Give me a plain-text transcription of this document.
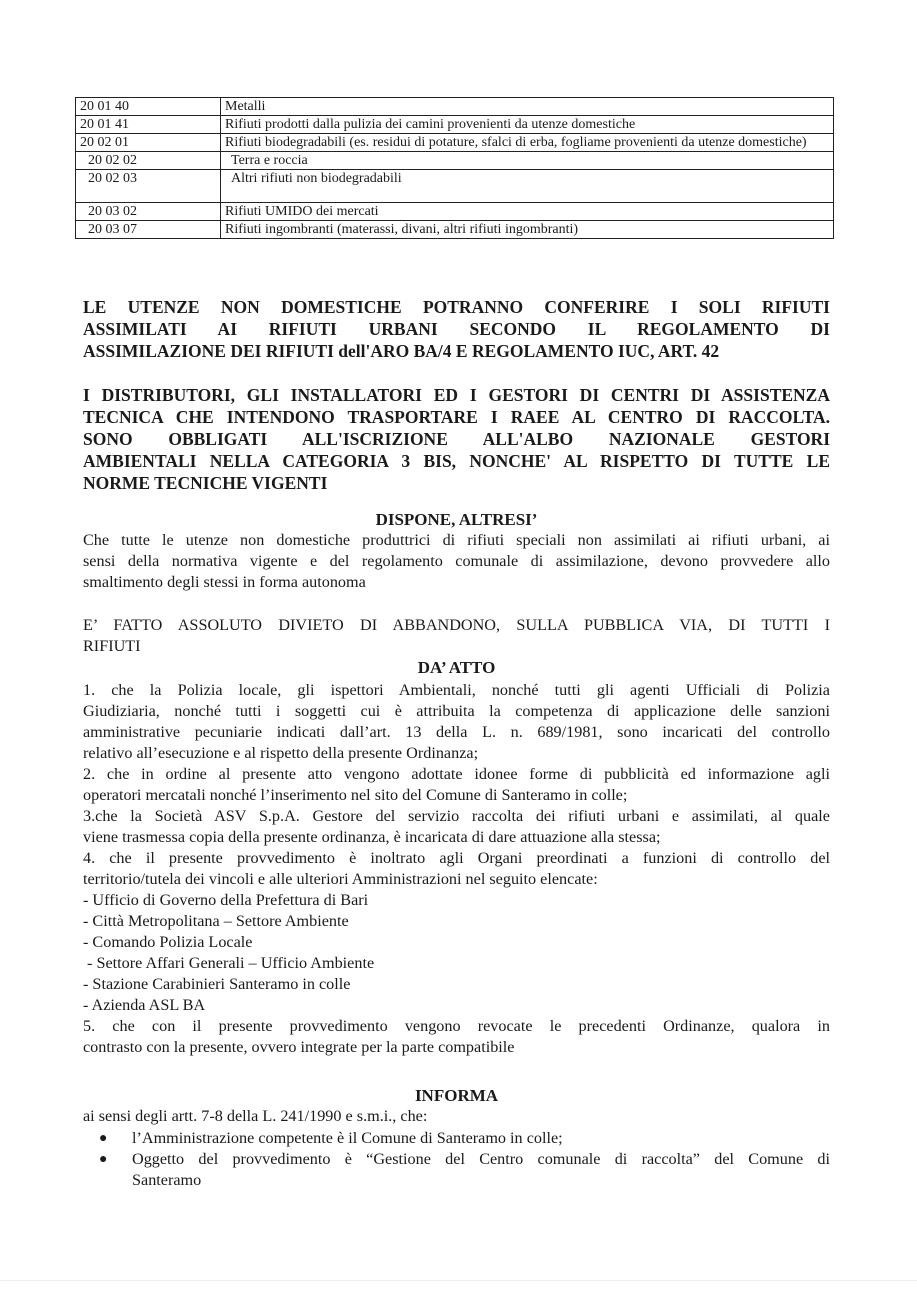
20 01 40	Metalli
20 01 41	Rifiuti prodotti dalla pulizia dei camini provenienti da utenze domestiche
20 02 01	Rifiuti biodegradabili (es. residui di potature, sfalci di erba, fogliame provenienti da utenze domestiche)
20 02 02	Terra e roccia
20 02 03	Altri rifiuti non biodegradabili
20 03 02	Rifiuti UMIDO dei mercati
20 03 07	Rifiuti ingombranti (materassi, divani, altri rifiuti ingombranti)
LE UTENZE NON DOMESTICHE POTRANNO CONFERIRE I SOLI RIFIUTI
ASSIMILATI AI RIFIUTI URBANI SECONDO IL REGOLAMENTO DI
ASSIMILAZIONE DEI RIFIUTI dell'ARO BA/4 E REGOLAMENTO IUC, ART. 42
I DISTRIBUTORI, GLI INSTALLATORI ED I GESTORI DI CENTRI DI ASSISTENZA
TECNICA CHE INTENDONO TRASPORTARE I RAEE AL CENTRO DI RACCOLTA.
SONO OBBLIGATI ALL'ISCRIZIONE ALL'ALBO NAZIONALE GESTORI
AMBIENTALI NELLA CATEGORIA 3 BIS, NONCHE' AL RISPETTO DI TUTTE LE
NORME TECNICHE VIGENTI
DISPONE, ALTRESI’
Che tutte le utenze non domestiche produttrici di rifiuti speciali non assimilati ai rifiuti urbani, ai
sensi della normativa vigente e del regolamento comunale di assimilazione, devono provvedere allo
smaltimento degli stessi in forma autonoma
E’ FATTO ASSOLUTO DIVIETO DI ABBANDONO, SULLA PUBBLICA VIA, DI TUTTI I
RIFIUTI
DA’ ATTO
1. che la Polizia locale, gli ispettori Ambientali, nonché tutti gli agenti Ufficiali di Polizia
Giudiziaria, nonché tutti i soggetti cui è attribuita la competenza di applicazione delle sanzioni
amministrative pecuniarie indicati dall’art. 13 della L. n. 689/1981, sono incaricati del controllo
relativo all’esecuzione e al rispetto della presente Ordinanza;
2. che in ordine al presente atto vengono adottate idonee forme di pubblicità ed informazione agli
operatori mercatali nonché l’inserimento nel sito del Comune di Santeramo in colle;
3.che la Società ASV S.p.A. Gestore del servizio raccolta dei rifiuti urbani e assimilati, al quale
viene trasmessa copia della presente ordinanza, è incaricata di dare attuazione alla stessa;
4. che il presente provvedimento è inoltrato agli Organi preordinati a funzioni di controllo del
territorio/tutela dei vincoli e alle ulteriori Amministrazioni nel seguito elencate:
- Ufficio di Governo della Prefettura di Bari
- Città Metropolitana – Settore Ambiente
- Comando Polizia Locale
- Settore Affari Generali – Ufficio Ambiente
- Stazione Carabinieri Santeramo in colle
- Azienda ASL BA
5. che con il presente provvedimento vengono revocate le precedenti Ordinanze, qualora in
contrasto con la presente, ovvero integrate per la parte compatibile
INFORMA
ai sensi degli artt. 7-8 della L. 241/1990 e s.m.i., che:
● l’Amministrazione competente è il Comune di Santeramo in colle;
● Oggetto del provvedimento è “Gestione del Centro comunale di raccolta” del Comune di
Santeramo
